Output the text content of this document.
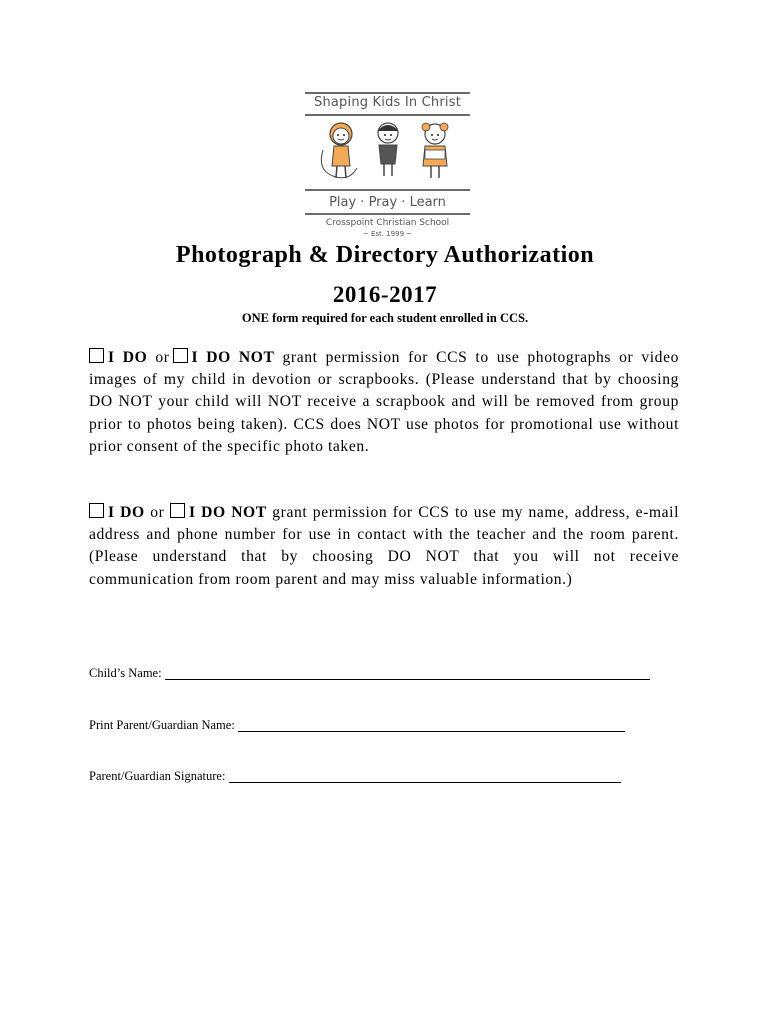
Shaping Kids In Christ
Play · Pray · Learn
Crosspoint Christian School
~ Est. 1999 ~
Photograph & Directory Authorization
2016-2017
ONE form required for each student enrolled in CCS.
I DO or I DO NOT grant permission for CCS to use photographs or video images of my child in devotion or scrapbooks. (Please understand that by choosing DO NOT your child will NOT receive a scrapbook and will be removed from group prior to photos being taken). CCS does NOT use photos for promotional use without prior consent of the specific photo taken.
I DO or I DO NOT grant permission for CCS to use my name, address, e-mail address and phone number for use in contact with the teacher and the room parent. (Please understand that by choosing DO NOT that you will not receive communication from room parent and may miss valuable information.)
Child’s Name:
Print Parent/Guardian Name:
Parent/Guardian Signature:
